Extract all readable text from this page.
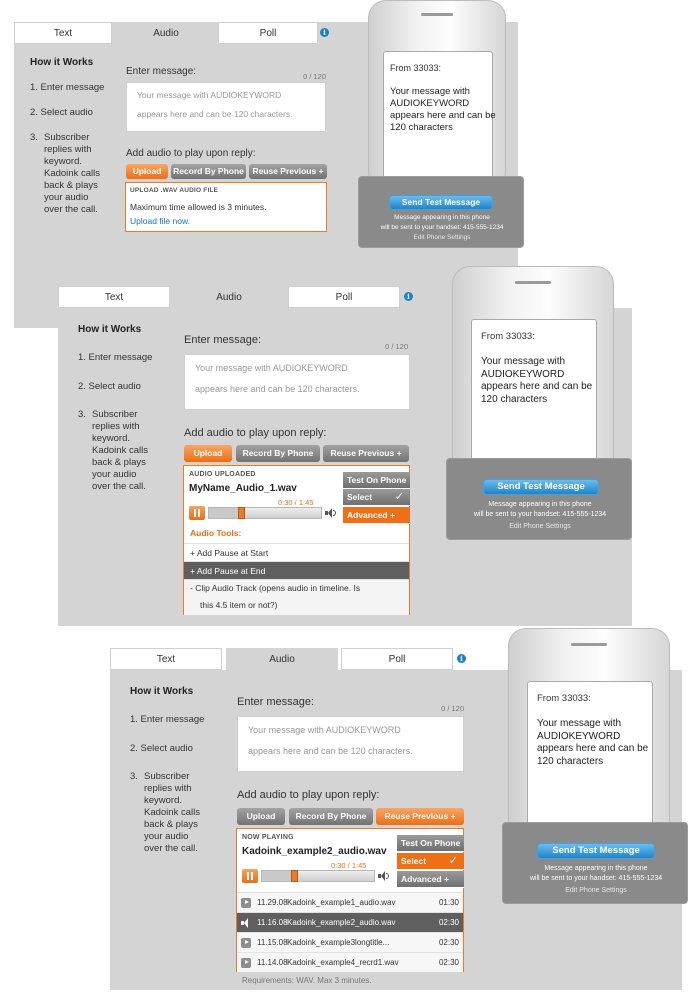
Text	Audio	Poll	i
How it Works
1. Enter message
2. Select audio
3. Subscriber
replies with
keyword.
Kadoink calls
back & plays
your audio
over the call.
Enter message:	0 / 120
Your message with AUDIOKEYWORD
appears here and can be 120 characters.
Add audio to play upon reply:
Upload	Record By Phone	Reuse Previous +
UPLOAD .WAV AUDIO FILE
Maximum time allowed is 3 minutes.
Upload file now.
From 33033:
Your message with
AUDIOKEYWORD
appears here and can be
120 characters
Send Test Message
Message appearing in this phone
will be sent to your handset: 415-555-1234
Edit Phone Settings
Text	Audio	Poll	i
How it Works
1. Enter message
2. Select audio
3. Subscriber
replies with
keyword.
Kadoink calls
back & plays
your audio
over the call.
Enter message:
0 / 120
Your message with AUDIOKEYWORD
appears here and can be 120 characters.
Add audio to play upon reply:
Upload	Record By Phone	Reuse Previous +
AUDIO UPLOADED
MyName_Audio_1.wav
0:30 / 1:45
Test On Phone
Select ✓
Advanced +
Audio Tools:
+ Add Pause at Start
+ Add Pause at End
- Clip Audio Track (opens audio in timeline. Is
this 4.5 item or not?)
From 33033:
Your message with
AUDIOKEYWORD
appears here and can be
120 characters
Send Test Message
Message appearing in this phone
will be sent to your handset: 415-555-1234
Edit Phone Settings
Text	Audio	Poll	i
How it Works
1. Enter message
2. Select audio
3. Subscriber
replies with
keyword.
Kadoink calls
back & plays
your audio
over the call.
Enter message:
0 / 120
Your message with AUDIOKEYWORD
appears here and can be 120 characters.
Add audio to play upon reply:
Upload	Record By Phone	Reuse Previous +
NOW PLAYING
Kadoink_example2_audio.wav
0:30 / 1:45
Test On Phone
Select ✓
Advanced +
11.29.08 Kadoink_example1_audio.wav	01:30
11.16.08 Kadoink_example2_audio.wav	02:30
11.15.08 Kadoink_example3longtitle...	02:30
11.14.08 Kadoink_example4_recrd1.wav	02:30
Requirements: WAV. Max 3 minutes.
From 33033:
Your message with
AUDIOKEYWORD
appears here and can be
120 characters
Send Test Message
Message appearing in this phone
will be sent to your handset: 415-555-1234
Edit Phone Settings
